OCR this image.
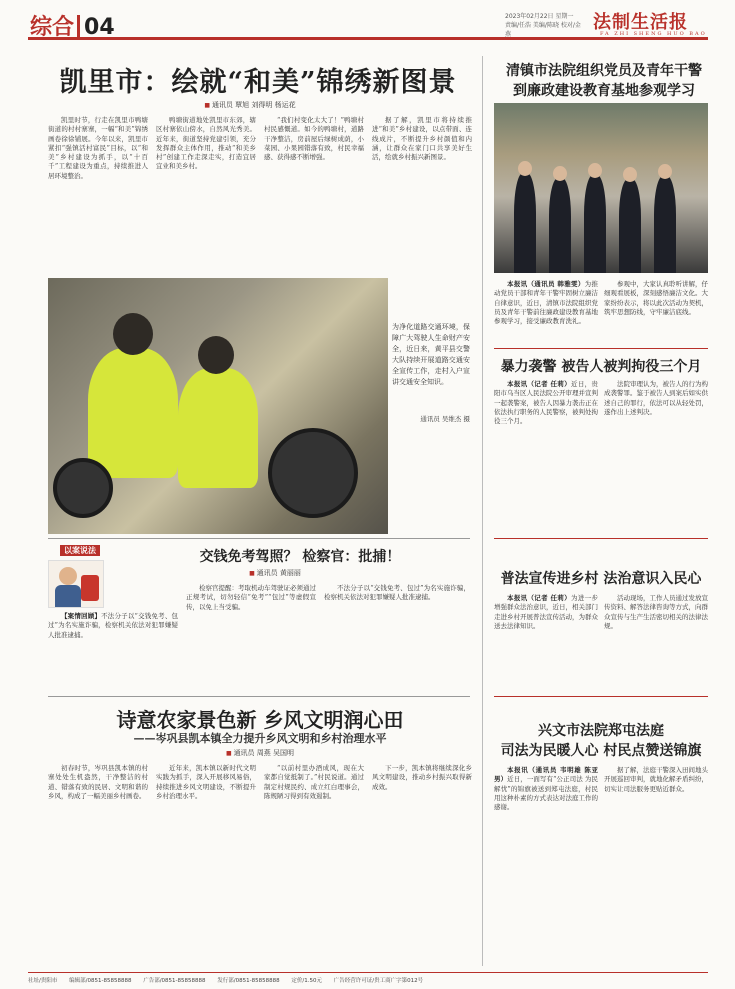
综合 04	2023年02月22日 星期一
责编/任浩 美编/陈晓 校对/金 燕
法制生活报
FA ZHI SHENG HUO BAO
凯里市：绘就“和美”锦绣新图景
■ 通讯员 覃旭 刘得明 杨运花

凯里时节，行走在凯里市鸭塘街道的村村寨寨，一幅“和美”锦绣画卷徐徐铺展。今年以来，凯里市紧扣“强镇活村富民”目标，以“和美”乡村建设为抓手，以“十百千”工程建设为重点，持续推进人居环境整治。

鸭塘街道地处凯里市东郊，辖区村寨依山傍水，自然风光秀美。近年来，街道坚持党建引领，充分发挥群众主体作用，推动“和美乡村”创建工作走深走实，打造宜居宜业和美乡村。

“我们村变化太大了！”鸭塘村村民感慨道。如今的鸭塘村，道路干净整洁，房前屋后绿树成荫，小菜园、小果园错落有致，村民幸福感、获得感不断增强。

据了解，凯里市将持续推进“和美”乡村建设，以点带面、连线成片，不断提升乡村颜值和内涵，让群众在家门口共享美好生活，绘就乡村振兴新图景。

为净化道路交通环境，保障广大驾驶人生命财产安全，近日来，黄平县交警大队持续开展道路交通安全宣传工作，走村入户宣讲交通安全知识。
通讯员 吴维杰 摄
清镇市法院组织党员及青年干警
到廉政建设教育基地参观学习

本报讯（通讯员 韩雅雯）为推动党员干部和青年干警牢固树立廉洁自律意识，近日，清镇市法院组织党员及青年干警前往廉政建设教育基地参观学习，接受廉政教育洗礼。

参观中，大家认真聆听讲解，仔细观看展板，深刻感悟廉洁文化。大家纷纷表示，将以此次活动为契机，筑牢思想防线，守牢廉洁底线。

暴力袭警 被告人被判拘役三个月

本报讯（记者 任莉）近日，贵阳市乌当区人民法院公开审理并宣判一起袭警案，被告人因暴力袭击正在依法执行职务的人民警察，被判处拘役三个月。

法院审理认为，被告人的行为构成袭警罪。鉴于被告人到案后如实供述自己的罪行，依法可以从轻处罚，遂作出上述判决。

以案说法	交钱免考驾照？ 检察官：批捕！
■ 通讯员 黄丽丽

【案情回顾】不法分子以“交钱免考、包过”为名实施诈骗，检察机关依法对犯罪嫌疑人批准逮捕。

检察官提醒：考取机动车驾驶证必须通过正规考试，切勿轻信“免考”“包过”等虚假宣传，以免上当受骗。

不法分子以“交钱免考、包过”为名实施诈骗，检察机关依法对犯罪嫌疑人批准逮捕。

普法宣传进乡村 法治意识入民心

本报讯（记者 任莉）为进一步增强群众法治意识，近日，相关部门走进乡村开展普法宣传活动，为群众送去法律知识。

活动现场，工作人员通过发放宣传资料、解答法律咨询等方式，向群众宣传与生产生活密切相关的法律法规。

诗意农家景色新 乡风文明润心田
——岑巩县凯本镇全力提升乡风文明和乡村治理水平
■ 通讯员 周燕 吴国明

初春时节，岑巩县凯本镇的村寨处处生机盎然，干净整洁的村道、错落有致的民居、文明和谐的乡风，构成了一幅美丽乡村画卷。

近年来，凯本镇以新时代文明实践为抓手，深入开展移风易俗，持续推进乡风文明建设，不断提升乡村治理水平。

“以前村里办酒成风，现在大家都自觉抵制了。”村民说道。通过制定村规民约、成立红白理事会，陈规陋习得到有效遏制。

下一步，凯本镇将继续深化乡风文明建设，推动乡村振兴取得新成效。

兴文市法院郑屯法庭
司法为民暖人心 村民点赞送锦旗

本报讯（通讯员 韦明雄 陈亚男）近日，一面写有“公正司法 为民解忧”的锦旗被送到郑屯法庭，村民用这种朴素的方式表达对法庭工作的感谢。

据了解，法庭干警深入田间地头开展巡回审判，就地化解矛盾纠纷，切实让司法服务更贴近群众。

社址/贵阳市 编辑部/0851-85858888 广告部/0851-85858888 发行部/0851-85858888 定价/1.50元 广告经营许可证/贵工商广字第012号
